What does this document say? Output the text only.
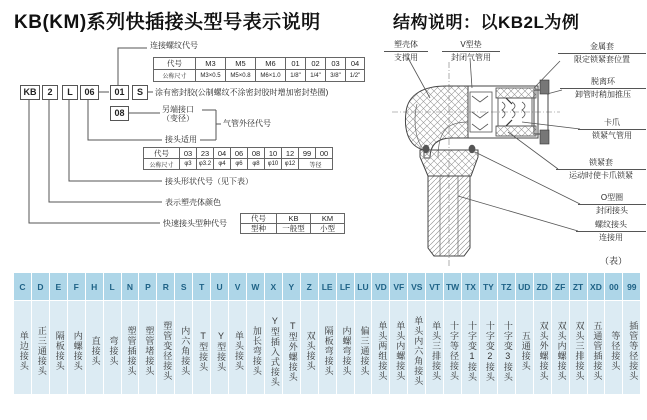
KB(KM)系列快插接头型号表示说明
KB	2	L	06	01	S
08
连接螺纹代号
代号	M3	M5	M6	01	02	03	04
公称尺寸	M3×0.5	M5×0.8	M6×1.0	1/8"	1/4"	3/8"	1/2"
涂有密封胶(公制螺纹不涂密封胶时增加密封垫圈)
另端接口
（变径）
气管外径代号
接头适用
代号	03	23	04	06	08	10	12	99	00
公称尺寸	φ3	φ3.2	φ4	φ6	φ8	φ10	φ12	等径
接头形状代号（见下表）
表示塑壳体颜色
快速接头型种代号
代号	KB	KM
型种	一般型	小型
结构说明：以KB2L为例
塑壳体
支撑用
V型垫
封闭气管用
金属套
限定锁紧套位置
脱离环
卸管时稍加推压
卡爪
锁紧气管用
锁紧套
运动时使卡爪锁紧
O型圈
封闭接头
螺纹接头
连接用
（表）
C	D	E	F	H	L	N	P	R	S	T	U	V	W	X	Y	Z	LE LF LU VD VF VS VT TW TX TY TZ UD ZD ZF ZT XD 00 99
单边接头 正三通接头 隔板接头 内螺接头 直接头 弯接头 塑管插接头 塑管堵接头 塑管变径接头 内六角接头 T型接头 Y型接头 单头接头 加长弯接头 Y型插入式接头 T型外螺接头 双头接头 隔板弯接头 内螺弯接头 偏三通接头 单头两组接头 单头内螺接头 单头内六角接头 单头三排接头 十字等径接头 十字变1接头 十字变2接头 十字变3接头 五通接头 双头外螺接头 双头内螺接头 双头三排接头 五通管插接头 等径接头 插管等径接头
